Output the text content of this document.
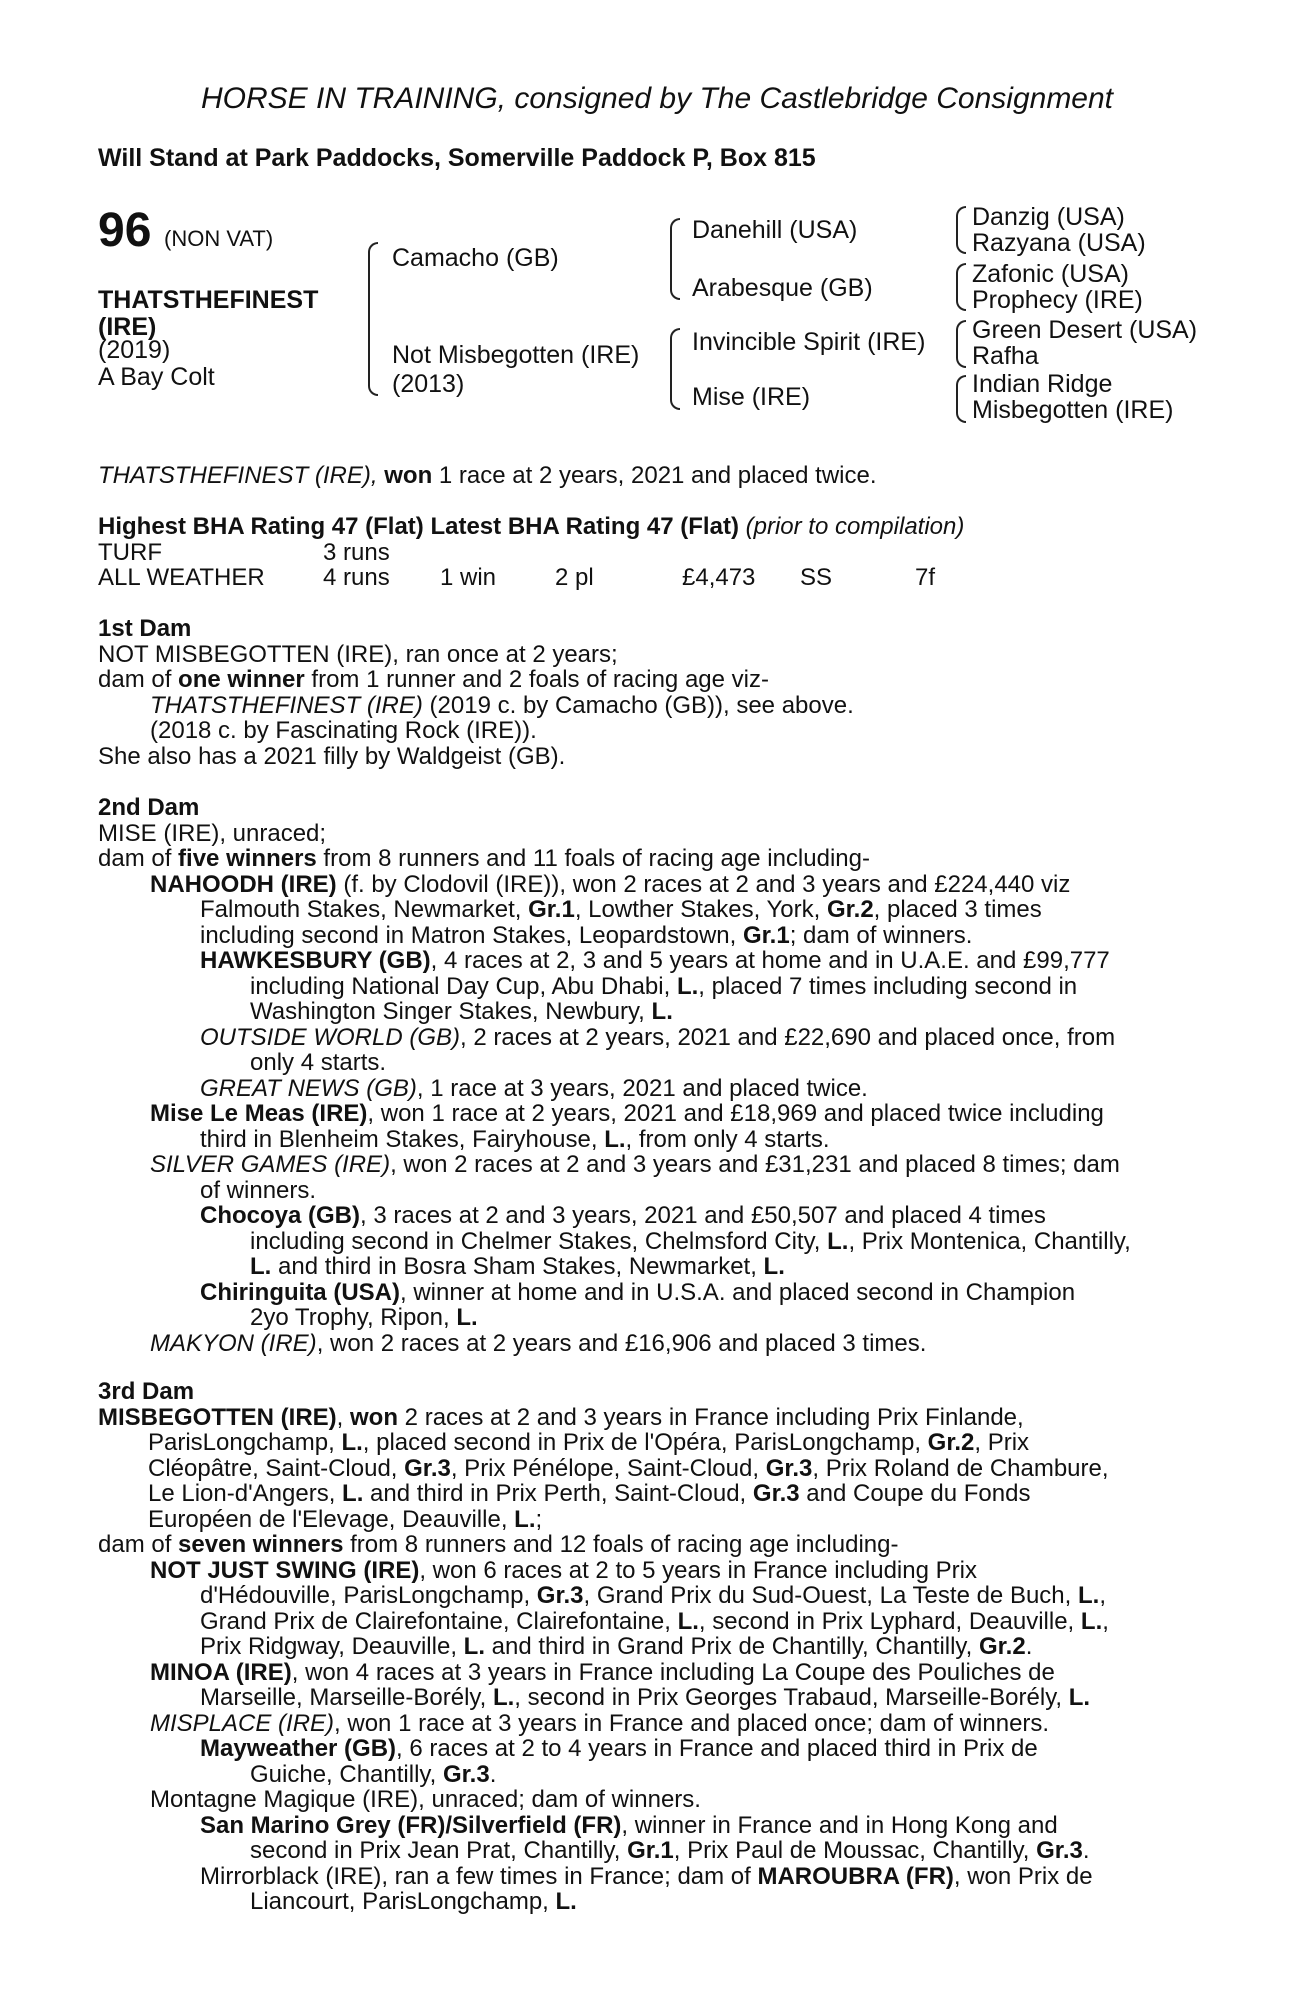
HORSE IN TRAINING, consigned by The Castlebridge Consignment
Will Stand at Park Paddocks, Somerville Paddock P, Box 815
96 (NON VAT)
THATSTHEFINEST
(IRE)
(2019)
A Bay Colt
Camacho (GB)
Not Misbegotten (IRE)
(2013)
Danehill (USA)
Arabesque (GB)
Invincible Spirit (IRE)
Mise (IRE)
Danzig (USA)
Razyana (USA)
Zafonic (USA)
Prophecy (IRE)
Green Desert (USA)
Rafha
Indian Ridge
Misbegotten (IRE)
THATSTHEFINEST (IRE), won 1 race at 2 years, 2021 and placed twice.
Highest BHA Rating 47 (Flat) Latest BHA Rating 47 (Flat) (prior to compilation)
TURF	3 runs
ALL WEATHER 4 runs 1 win 2 pl	£4,473 SS	7f
1st Dam
NOT MISBEGOTTEN (IRE), ran once at 2 years;
dam of one winner from 1 runner and 2 foals of racing age viz-
THATSTHEFINEST (IRE) (2019 c. by Camacho (GB)), see above.
(2018 c. by Fascinating Rock (IRE)).
She also has a 2021 filly by Waldgeist (GB).
2nd Dam
MISE (IRE), unraced;
dam of five winners from 8 runners and 11 foals of racing age including-
NAHOODH (IRE) (f. by Clodovil (IRE)), won 2 races at 2 and 3 years and £224,440 viz
Falmouth Stakes, Newmarket, Gr.1, Lowther Stakes, York, Gr.2, placed 3 times
including second in Matron Stakes, Leopardstown, Gr.1; dam of winners.
HAWKESBURY (GB), 4 races at 2, 3 and 5 years at home and in U.A.E. and £99,777
including National Day Cup, Abu Dhabi, L., placed 7 times including second in
Washington Singer Stakes, Newbury, L.
OUTSIDE WORLD (GB), 2 races at 2 years, 2021 and £22,690 and placed once, from
only 4 starts.
GREAT NEWS (GB), 1 race at 3 years, 2021 and placed twice.
Mise Le Meas (IRE), won 1 race at 2 years, 2021 and £18,969 and placed twice including
third in Blenheim Stakes, Fairyhouse, L., from only 4 starts.
SILVER GAMES (IRE), won 2 races at 2 and 3 years and £31,231 and placed 8 times; dam
of winners.
Chocoya (GB), 3 races at 2 and 3 years, 2021 and £50,507 and placed 4 times
including second in Chelmer Stakes, Chelmsford City, L., Prix Montenica, Chantilly,
L. and third in Bosra Sham Stakes, Newmarket, L.
Chiringuita (USA), winner at home and in U.S.A. and placed second in Champion
2yo Trophy, Ripon, L.
MAKYON (IRE), won 2 races at 2 years and £16,906 and placed 3 times.
3rd Dam
MISBEGOTTEN (IRE), won 2 races at 2 and 3 years in France including Prix Finlande,
ParisLongchamp, L., placed second in Prix de l'Opéra, ParisLongchamp, Gr.2, Prix
Cléopâtre, Saint-Cloud, Gr.3, Prix Pénélope, Saint-Cloud, Gr.3, Prix Roland de Chambure,
Le Lion-d'Angers, L. and third in Prix Perth, Saint-Cloud, Gr.3 and Coupe du Fonds
Européen de l'Elevage, Deauville, L.;
dam of seven winners from 8 runners and 12 foals of racing age including-
NOT JUST SWING (IRE), won 6 races at 2 to 5 years in France including Prix
d'Hédouville, ParisLongchamp, Gr.3, Grand Prix du Sud-Ouest, La Teste de Buch, L.,
Grand Prix de Clairefontaine, Clairefontaine, L., second in Prix Lyphard, Deauville, L.,
Prix Ridgway, Deauville, L. and third in Grand Prix de Chantilly, Chantilly, Gr.2.
MINOA (IRE), won 4 races at 3 years in France including La Coupe des Pouliches de
Marseille, Marseille-Borély, L., second in Prix Georges Trabaud, Marseille-Borély, L.
MISPLACE (IRE), won 1 race at 3 years in France and placed once; dam of winners.
Mayweather (GB), 6 races at 2 to 4 years in France and placed third in Prix de
Guiche, Chantilly, Gr.3.
Montagne Magique (IRE), unraced; dam of winners.
San Marino Grey (FR)/Silverfield (FR), winner in France and in Hong Kong and
second in Prix Jean Prat, Chantilly, Gr.1, Prix Paul de Moussac, Chantilly, Gr.3.
Mirrorblack (IRE), ran a few times in France; dam of MAROUBRA (FR), won Prix de
Liancourt, ParisLongchamp, L.
